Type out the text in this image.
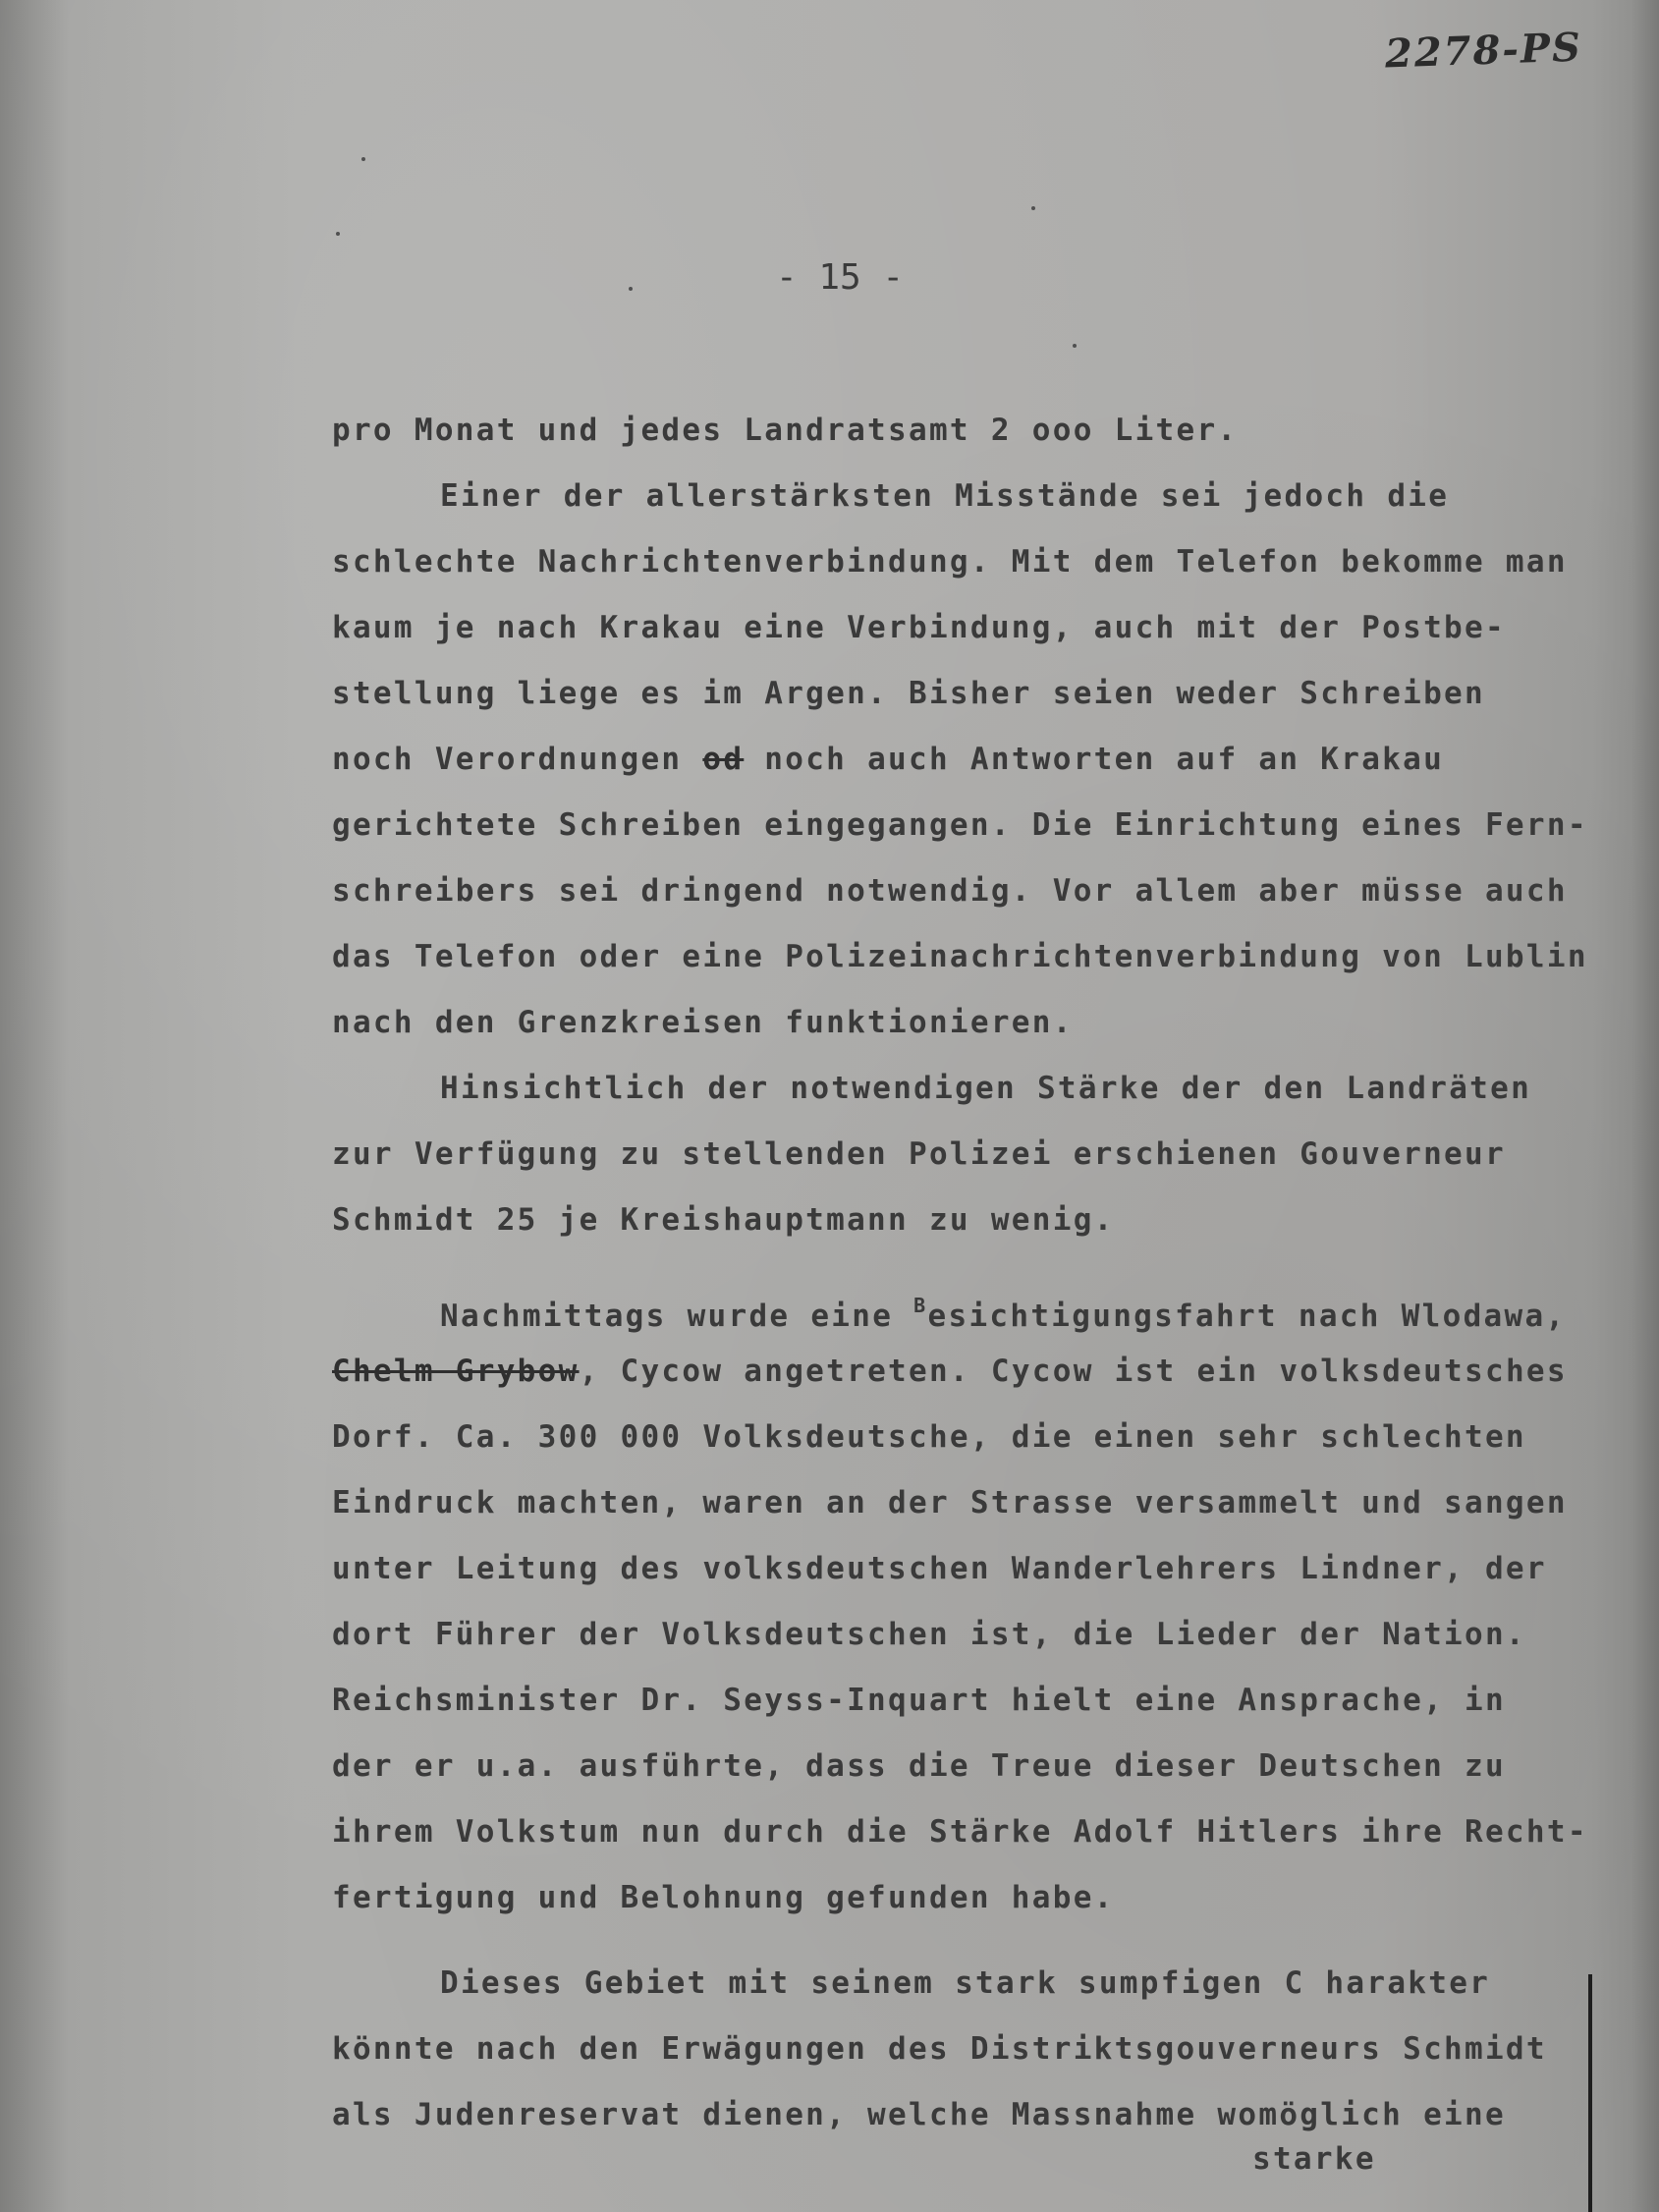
2278-PS
- 15 -
pro Monat und jedes Landratsamt 2 ooo Liter.
Einer der allerstärksten Misstände sei jedoch die
schlechte Nachrichtenverbindung. Mit dem Telefon bekomme man
kaum je nach Krakau eine Verbindung, auch mit der Postbe-
stellung liege es im Argen. Bisher seien weder Schreiben
noch Verordnungen od noch auch Antworten auf an Krakau
gerichtete Schreiben eingegangen. Die Einrichtung eines Fern-
schreibers sei dringend notwendig. Vor allem aber müsse auch
das Telefon oder eine Polizeinachrichtenverbindung von Lublin
nach den Grenzkreisen funktionieren.
Hinsichtlich der notwendigen Stärke der den Landräten
zur Verfügung zu stellenden Polizei erschienen Gouverneur
Schmidt 25 je Kreishauptmann zu wenig.
Nachmittags wurde eine $^B$esichtigungsfahrt nach Wlodawa,
Chelm Grybow, Cycow angetreten. Cycow ist ein volksdeutsches
Dorf. Ca. 300 000 Volksdeutsche, die einen sehr schlechten
Eindruck machten, waren an der Strasse versammelt und sangen
unter Leitung des volksdeutschen Wanderlehrers Lindner, der
dort Führer der Volksdeutschen ist, die Lieder der Nation.
Reichsminister Dr. Seyss-Inquart hielt eine Ansprache, in
der er u.a. ausführte, dass die Treue dieser Deutschen zu
ihrem Volkstum nun durch die Stärke Adolf Hitlers ihre Recht-
fertigung und Belohnung gefunden habe.
Dieses Gebiet mit seinem stark sumpfigen C harakter
könnte nach den Erwägungen des Distriktsgouverneurs Schmidt
als Judenreservat dienen, welche Massnahme womöglich eine
starke
